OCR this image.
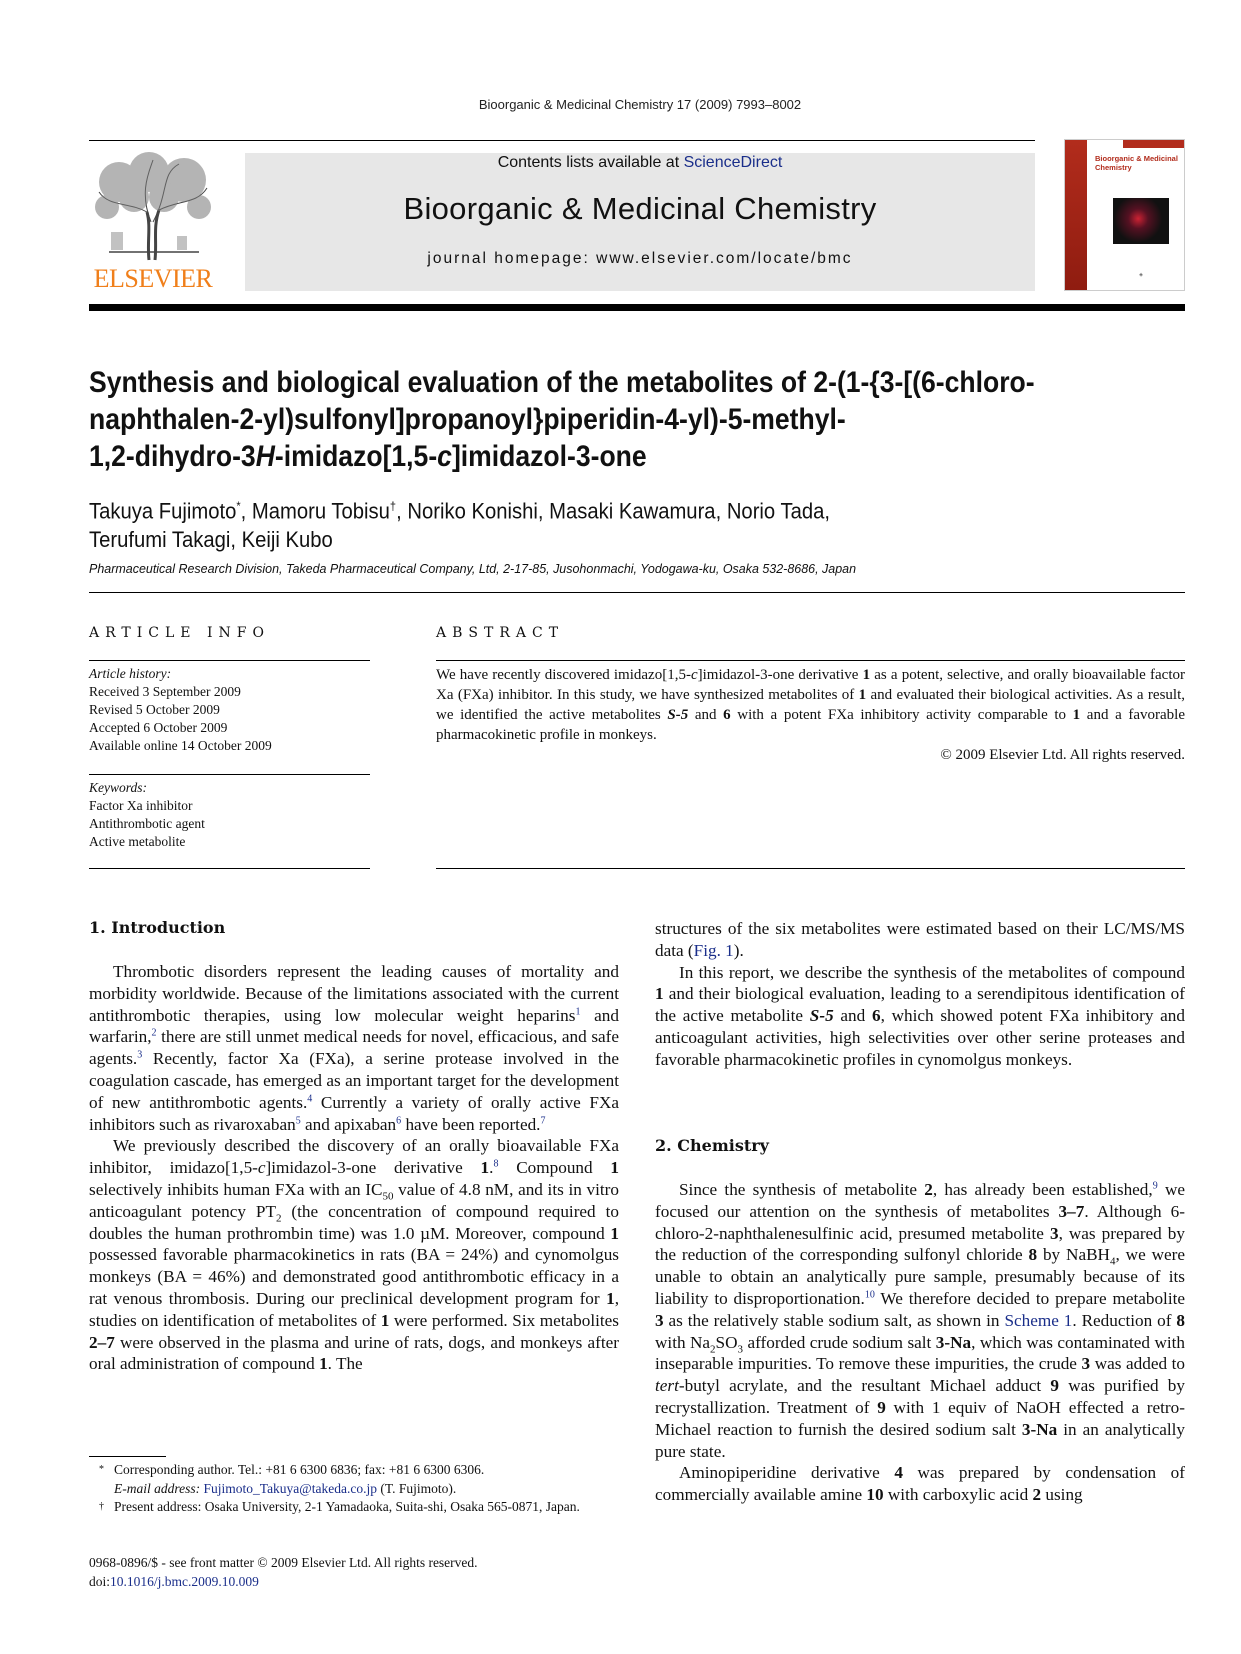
Bioorganic & Medicinal Chemistry 17 (2009) 7993–8002
ELSEVIER
Contents lists available at ScienceDirect
Bioorganic & Medicinal Chemistry
journal homepage: www.elsevier.com/locate/bmc
Bioorganic & Medicinal Chemistry
◈
Synthesis and biological evaluation of the metabolites of 2-(1-{3-[(6-chloro-
naphthalen-2-yl)sulfonyl]propanoyl}piperidin-4-yl)-5-methyl-
1,2-dihydro-3H-imidazo[1,5-c]imidazol-3-one
Takuya Fujimoto*, Mamoru Tobisu†, Noriko Konishi, Masaki Kawamura, Norio Tada,
Terufumi Takagi, Keiji Kubo
Pharmaceutical Research Division, Takeda Pharmaceutical Company, Ltd, 2-17-85, Jusohonmachi, Yodogawa-ku, Osaka 532-8686, Japan
ARTICLE INFO	ABSTRACT
Article history:
Received 3 September 2009
Revised 5 October 2009
Accepted 6 October 2009
Available online 14 October 2009
Keywords:
Factor Xa inhibitor
Antithrombotic agent
Active metabolite
We have recently discovered imidazo[1,5-c]imidazol-3-one derivative 1 as a potent, selective, and orally bioavailable factor Xa (FXa) inhibitor. In this study, we have synthesized metabolites of 1 and evaluated their biological activities. As a result, we identified the active metabolites S-5 and 6 with a potent FXa inhibitory activity comparable to 1 and a favorable pharmacokinetic profile in monkeys.
© 2009 Elsevier Ltd. All rights reserved.
1. Introduction

Thrombotic disorders represent the leading causes of mortality and morbidity worldwide. Because of the limitations associated with the current antithrombotic therapies, using low molecular weight heparins$^1$ and warfarin,$^2$ there are still unmet medical needs for novel, efficacious, and safe agents.$^3$ Recently, factor Xa (FXa), a serine protease involved in the coagulation cascade, has emerged as an important target for the development of new antithrombotic agents.$^4$ Currently a variety of orally active FXa inhibitors such as rivaroxaban$^5$ and apixaban$^6$ have been reported.$^7$

We previously described the discovery of an orally bioavailable FXa inhibitor, imidazo[1,5-c]imidazol-3-one derivative 1.$^8$ Compound 1 selectively inhibits human FXa with an $IC_{50}$ value of 4.8 nM, and its in vitro anticoagulant potency $PT_2$ (the concentration of compound required to doubles the human prothrombin time) was 1.0 µM. Moreover, compound 1 possessed favorable pharmacokinetics in rats (BA = 24%) and cynomolgus monkeys (BA = 46%) and demonstrated good antithrombotic efficacy in a rat venous thrombosis. During our preclinical development program for 1, studies on identification of metabolites of 1 were performed. Six metabolites 2–7 were observed in the plasma and urine of rats, dogs, and monkeys after oral administration of compound 1. The

* Corresponding author. Tel.: +81 6 6300 6836; fax: +81 6 6300 6306.
E-mail address: Fujimoto_Takuya@takeda.co.jp (T. Fujimoto).
† Present address: Osaka University, 2-1 Yamadaoka, Suita-shi, Osaka 565-0871, Japan.
0968-0896/$ - see front matter © 2009 Elsevier Ltd. All rights reserved.
doi:10.1016/j.bmc.2009.10.009

structures of the six metabolites were estimated based on their LC/MS/MS data (Fig. 1).

In this report, we describe the synthesis of the metabolites of compound 1 and their biological evaluation, leading to a serendipitous identification of the active metabolite S-5 and 6, which showed potent FXa inhibitory and anticoagulant activities, high selectivities over other serine proteases and favorable pharmacokinetic profiles in cynomolgus monkeys.

2. Chemistry

Since the synthesis of metabolite 2, has already been established,$^9$ we focused our attention on the synthesis of metabolites 3–7. Although 6-chloro-2-naphthalenesulfinic acid, presumed metabolite 3, was prepared by the reduction of the corresponding sulfonyl chloride 8 by NaBH$_4$, we were unable to obtain an analytically pure sample, presumably because of its liability to disproportionation.$^{10}$ We therefore decided to prepare metabolite 3 as the relatively stable sodium salt, as shown in Scheme 1. Reduction of 8 with $Na_2SO_3$ afforded crude sodium salt 3-Na, which was contaminated with inseparable impurities. To remove these impurities, the crude 3 was added to tert-butyl acrylate, and the resultant Michael adduct 9 was purified by recrystallization. Treatment of 9 with 1 equiv of NaOH effected a retro-Michael reaction to furnish the desired sodium salt 3-Na in an analytically pure state.

Aminopiperidine derivative 4 was prepared by condensation of commercially available amine 10 with carboxylic acid 2 using
